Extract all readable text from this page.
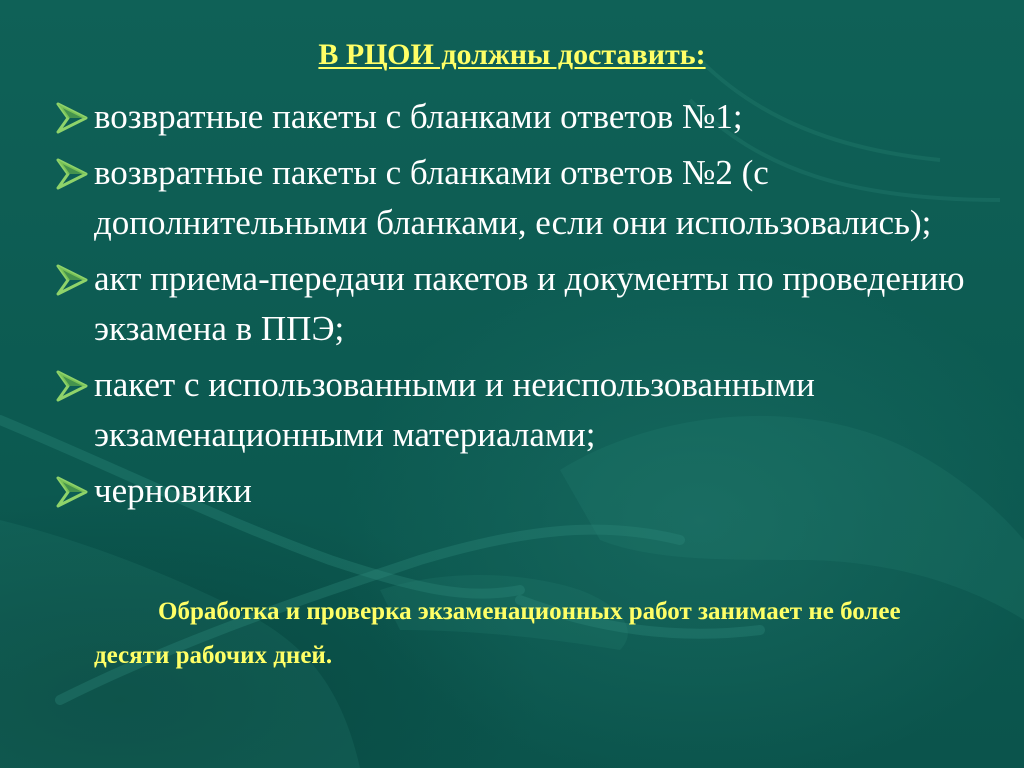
В РЦОИ должны доставить:
возвратные пакеты с бланками ответов №1;
возвратные пакеты с бланками ответов №2 (с дополнительными бланками, если они использовались);
акт приема-передачи пакетов и документы по проведению экзамена в ППЭ;
пакет с использованными и неиспользованными экзаменационными материалами;
черновики
Обработка и проверка экзаменационных работ занимает не более десяти рабочих дней.
